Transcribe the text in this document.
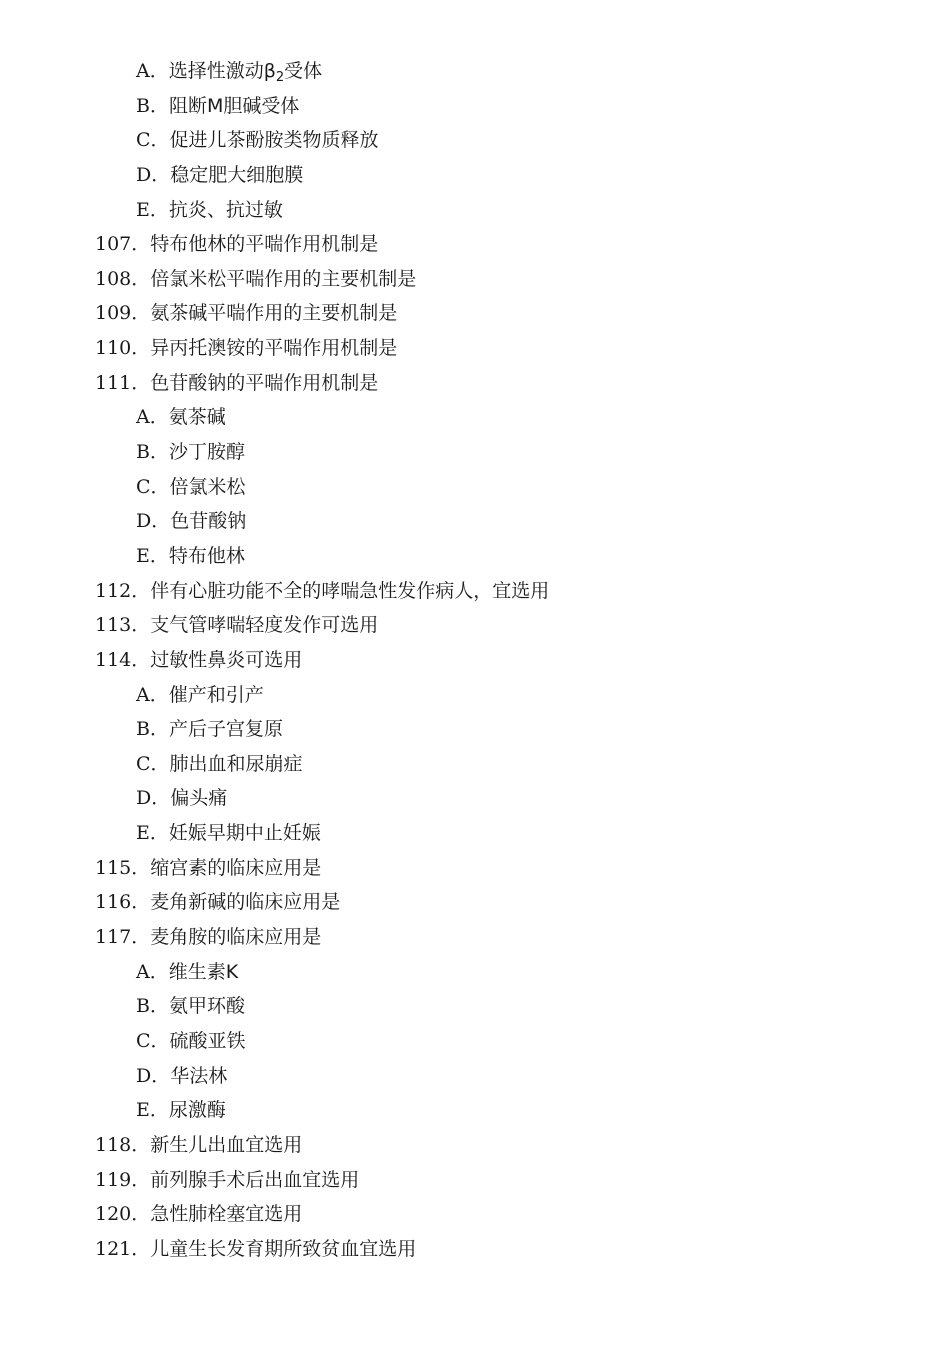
A．选择性激动$\beta_2$受体
B．阻断M胆碱受体
C．促进儿茶酚胺类物质释放
D．稳定肥大细胞膜
E．抗炎、抗过敏
107．特布他林的平喘作用机制是
108．倍氯米松平喘作用的主要机制是
109．氨茶碱平喘作用的主要机制是
110．异丙托澳铵的平喘作用机制是
111．色苷酸钠的平喘作用机制是
A．氨茶碱
B．沙丁胺醇
C．倍氯米松
D．色苷酸钠
E．特布他林
112．伴有心脏功能不全的哮喘急性发作病人，宜选用
113．支气管哮喘轻度发作可选用
114．过敏性鼻炎可选用
A．催产和引产
B．产后子宫复原
C．肺出血和尿崩症
D．偏头痛
E．妊娠早期中止妊娠
115．缩宫素的临床应用是
116．麦角新碱的临床应用是
117．麦角胺的临床应用是
A．维生素K
B．氨甲环酸
C．硫酸亚铁
D．华法林
E．尿激酶
118．新生儿出血宜选用
119．前列腺手术后出血宜选用
120．急性肺栓塞宜选用
121．儿童生长发育期所致贫血宜选用
